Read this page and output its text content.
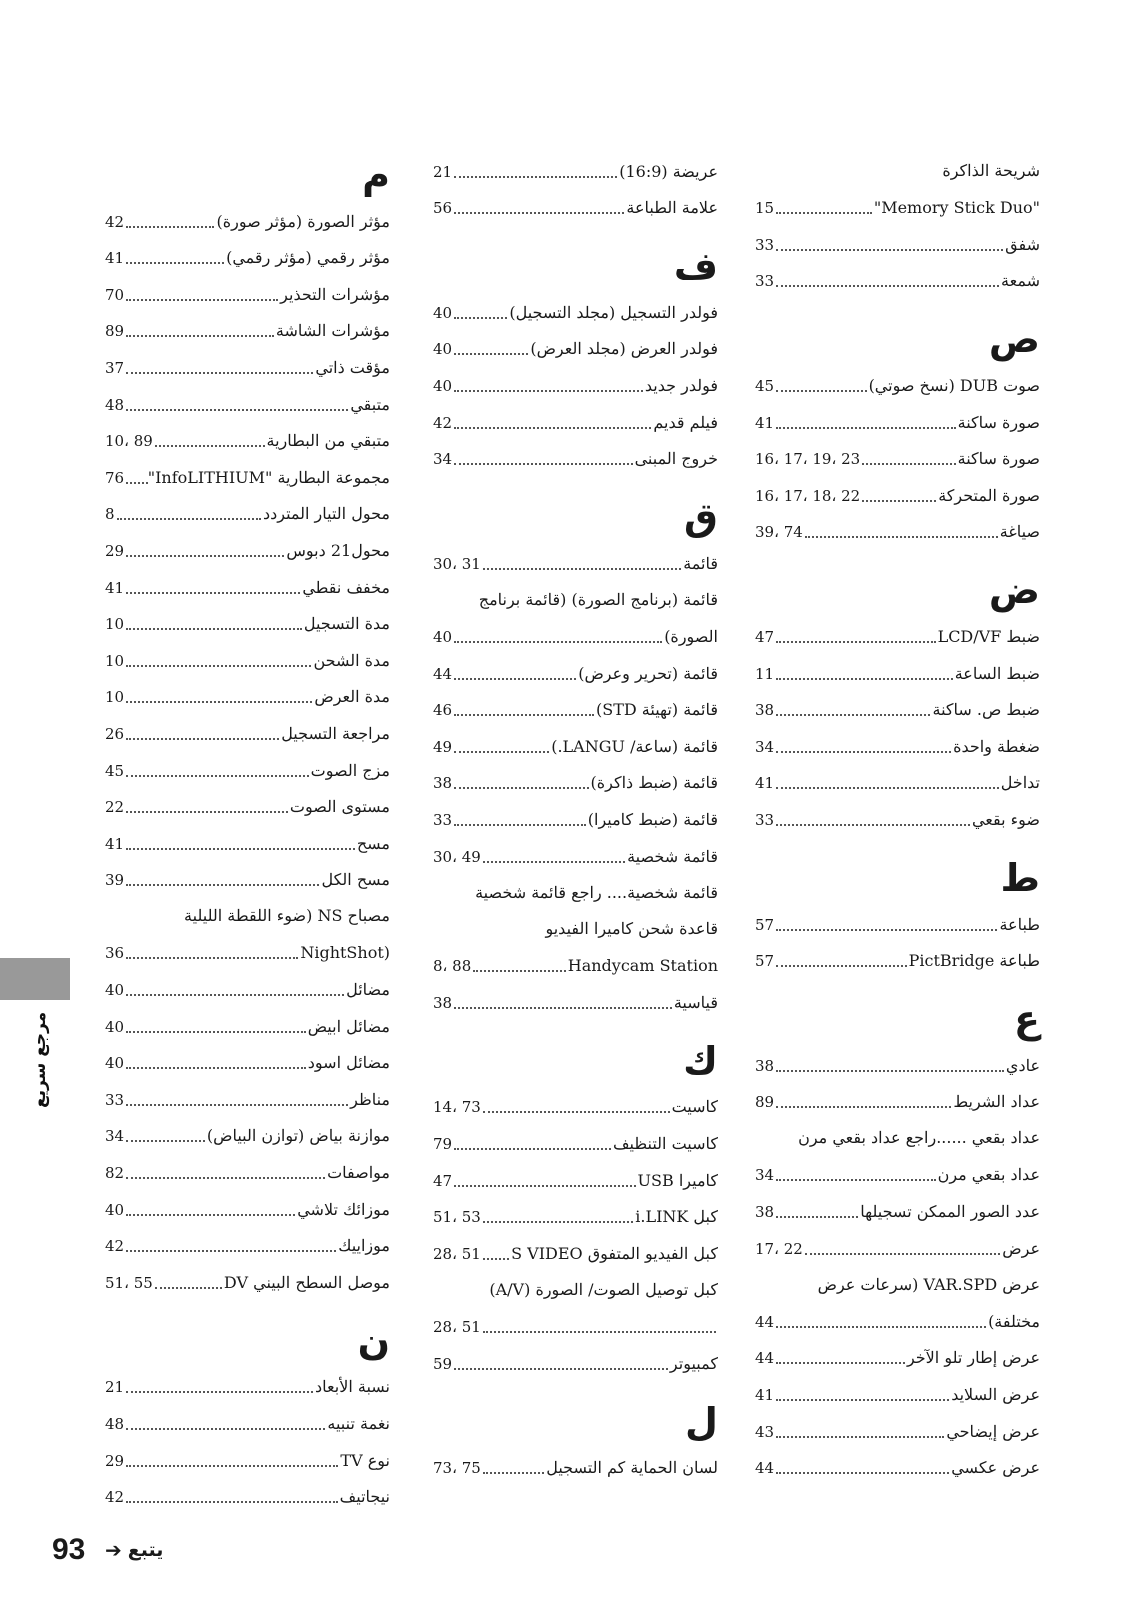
شريحة الذاكرة
"Memory Stick Duo"
15
شفق
33
شمعة
33
ص
صوت DUB (نسخ صوتي)
45
صورة ساكنة
41
صورة ساكنة
16، 17، 19، 23
صورة المتحركة
16، 17، 18، 22
صياغة
39، 74
ض
ضبط LCD/VF
47
ضبط الساعة
11
ضبط ص. ساكنة
38
ضغطة واحدة
34
تداخل
41
ضوء بقعي
33
ط
طباعة
57
طباعة PictBridge
57
ع
عادي
38
عداد الشريط
89
عداد بقعي ......راجع عداد بقعي مرن
عداد بقعي مرن
34
عدد الصور الممكن تسجيلها
38
عرض
17، 22
عرض VAR.SPD (سرعات عرض
مختلفة)
44
عرض إطار تلو الآخر
44
عرض السلايد
41
عرض إيضاحي
43
عرض عكسي
44
عريضة (16:9)
21
علامة الطباعة
56
ف
فولدر التسجيل (مجلد التسجيل)
40
فولدر العرض (مجلد العرض)
40
فولدر جديد
40
فيلم قديم
42
خروج المبنى
34
ق
قائمة
30، 31
قائمة (برنامج الصورة) (قائمة برنامج
الصورة)
40
قائمة (تحرير وعرض)
44
قائمة (تهيئة STD)
46
قائمة (ساعة/ LANGU.)
49
قائمة (ضبط ذاكرة)
38
قائمة (ضبط كاميرا)
33
قائمة شخصية
30، 49
قائمة شخصية.... راجع قائمة شخصية
قاعدة شحن كاميرا الفيديو
Handycam Station
8، 88
قياسية
38
ك
كاسيت
14، 73
كاسيت التنظيف
79
كاميرا USB
47
كبل i.LINK
51، 53
كبل الفيديو المتفوق S VIDEO
28، 51
كبل توصيل الصوت/ الصورة (A/V)
28، 51
كمبيوتر
59
ل
لسان الحماية كم التسجيل
73، 75
م
مؤثر الصورة (مؤثر صورة)
42
مؤثر رقمي (مؤثر رقمي)
41
مؤشرات التحذير
70
مؤشرات الشاشة
89
مؤقت ذاتي
37
متبقي
48
متبقي من البطارية
10، 89
مجموعة البطارية "InfoLITHIUM"
76
محول التيار المتردد
8
محول21 دبوس
29
مخفف نقطي
41
مدة التسجيل
10
مدة الشحن
10
مدة العرض
10
مراجعة التسجيل
26
مزج الصوت
45
مستوى الصوت
22
مسح
41
مسح الكل
39
مصباح NS (ضوء اللقطة الليلية
(NightShot
36
مضائل
40
مضائل ابيض
40
مضائل اسود
40
مناظر
33
موازنة بياض (توازن البياض)
34
مواصفات
82
موزائك تلاشي
40
موزاييك
42
موصل السطح البيني DV
51، 55
ن
نسبة الأبعاد
21
نغمة تنبيه
48
نوع TV
29
نيجاتيف
42
مرجع سريع
93 يتبع
➔
